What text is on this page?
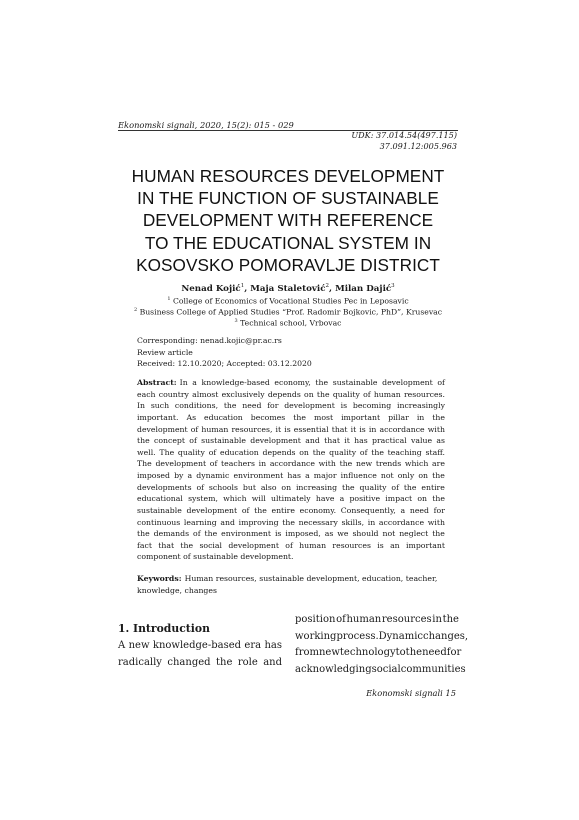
Ekonomski signali, 2020, 15(2): 015 - 029
UDK: 37.014.54(497.115)
37.091.12:005.963
HUMAN RESOURCES DEVELOPMENT
IN THE FUNCTION OF SUSTAINABLE
DEVELOPMENT WITH REFERENCE
TO THE EDUCATIONAL SYSTEM IN
KOSOVSKO POMORAVLJE DISTRICT
Nenad Kojić$^1$, Maja Staletović$^2$, Milan Dajić$^3$
$^1$ College of Economics of Vocational Studies Pec in Leposavic
$^2$ Business College of Applied Studies “Prof. Radomir Bojkovic, PhD”, Krusevac
$^3$ Technical school, Vrbovac
Corresponding: nenad.kojic@pr.ac.rs
Review article
Received: 12.10.2020; Accepted: 03.12.2020
Abstract: In a knowledge-based economy, the sustainable development of
each country almost exclusively depends on the quality of human resources.
In such conditions, the need for development is becoming increasingly
important. As education becomes the most important pillar in the
development of human resources, it is essential that it is in accordance with
the concept of sustainable development and that it has practical value as
well. The quality of education depends on the quality of the teaching staff.
The development of teachers in accordance with the new trends which are
imposed by a dynamic environment has a major influence not only on the
developments of schools but also on increasing the quality of the entire
educational system, which will ultimately have a positive impact on the
sustainable development of the entire economy. Consequently, a need for
continuous learning and improving the necessary skills, in accordance with
the demands of the environment is imposed, as we should not neglect the
fact that the social development of human resources is an important
component of sustainable development.
Keywords: Human resources, sustainable development, education, teacher,
knowledge, changes
1. Introduction
A new knowledge-based era has
radically changed the role and
position of human resources in the
working process. Dynamic changes,
from new technology to the need for
acknowledging social communities
Ekonomski signali 15
